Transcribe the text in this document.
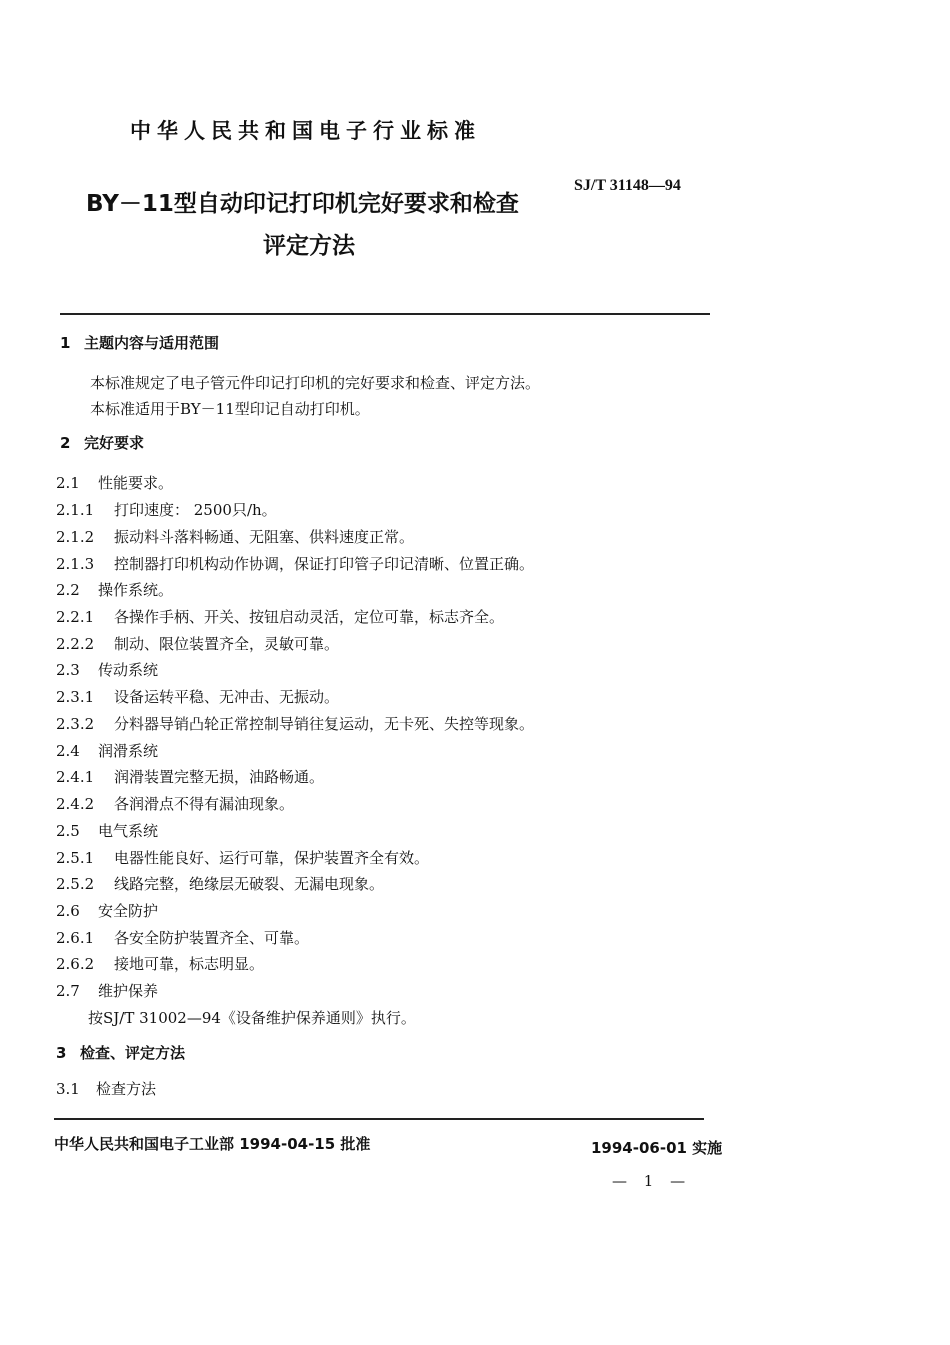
中华人民共和国电子行业标准
BY－11型自动印记打印机完好要求和检查
评定方法
SJ/T 31148—94
1 主题内容与适用范围
本标准规定了电子管元件印记打印机的完好要求和检查、评定方法。
本标准适用于BY－11型印记自动打印机。
2 完好要求
2.1 性能要求。
2.1.1 打印速度： 2500只/h。
2.1.2 振动料斗落料畅通、无阻塞、供料速度正常。
2.1.3 控制器打印机构动作协调，保证打印管子印记清晰、位置正确。
2.2 操作系统。
2.2.1 各操作手柄、开关、按钮启动灵活，定位可靠，标志齐全。
2.2.2 制动、限位装置齐全，灵敏可靠。
2.3 传动系统
2.3.1 设备运转平稳、无冲击、无振动。
2.3.2 分料器导销凸轮正常控制导销往复运动，无卡死、失控等现象。
2.4 润滑系统
2.4.1 润滑装置完整无损，油路畅通。
2.4.2 各润滑点不得有漏油现象。
2.5 电气系统
2.5.1 电器性能良好、运行可靠，保护装置齐全有效。
2.5.2 线路完整，绝缘层无破裂、无漏电现象。
2.6 安全防护
2.6.1 各安全防护装置齐全、可靠。
2.6.2 接地可靠，标志明显。
2.7 维护保养
按SJ/T 31002—94《设备维护保养通则》执行。
3 检查、评定方法
3.1 检查方法
中华人民共和国电子工业部 1994-04-15 批准	1994-06-01 实施
— 1 —
